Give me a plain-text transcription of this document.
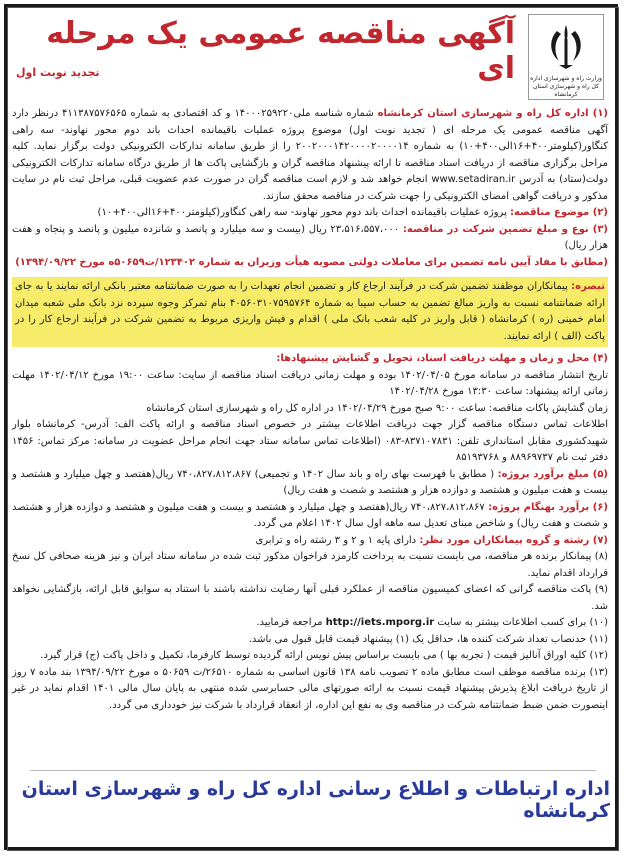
وزارت راه و شهرسازی اداره کل راه و شهرسازی استان کرمانشاه
آگهی مناقصه عمومی یک مرحله ای
تجدید نوبت اول

(۱) اداره کل راه و شهرسازی استان کرمانشاه شماره شناسه ملی۱۴۰۰۰۲۵۹۲۲۰ و کد اقتصادی به شماره ۴۱۱۳۸۷۵۷۶۵۶۵ درنظر دارد آگهی مناقصه عمومی یک مرحله ای ( تجدید نوبت اول) موضوع پروژه عملیات باقیمانده احداث باند دوم محور نهاوند- سه راهی کنگاور(کیلومتر۴۰۰+۱۶الی۴۰۰+۱۰) به شماره ۲۰۰۲۰۰۰۱۴۲۰۰۰۰۲۰۰۰۰۱۴ را از طریق سامانه تدارکات الکترونیکی دولت برگزار نماید. کلیه مراحل برگزاری مناقصه از دریافت اسناد مناقصه تا ارائه پیشنهاد مناقصه گران و بازگشایی پاکت ها از طریق درگاه سامانه تدارکات الکترونیکی دولت(ستاد) به آدرس www.setadiran.ir انجام خواهد شد و لازم است مناقصه گران در صورت عدم عضویت قبلی، مراحل ثبت نام در سایت مذکور و دریافت گواهی امضای الکترونیکی را جهت شرکت در مناقصه محقق سازند.

(۲) موضوع مناقصه: پروژه عملیات باقیمانده احداث باند دوم محور نهاوند- سه راهی کنگاور(کیلومتر۴۰۰+۱۶الی۴۰۰+۱۰)

(۳) نوع و مبلغ تضمین شرکت در مناقصه: ۲۳،۵۱۶،۵۵۷،۰۰۰ ریال (بیست و سه میلیارد و پانصد و شانزده میلیون و پانصد و پنجاه و هفت هزار ریال)

(مطابق با مفاد آیین نامه تضمین برای معاملات دولتی مصوبه هیأت وزیران به شماره ۱۲۳۴۰۲/ت۵۰۶۵۹ه مورخ ۱۳۹۴/۰۹/۲۲)

تبصره: پیمانکاران موظفند تضمین شرکت در فرآیند ارجاع کار و تضمین انجام تعهدات را به صورت ضمانتنامه معتبر بانکی ارائه نمایند یا به جای ارائه ضمانتنامه نسبت به واریز مبالغ تضمین به حساب سیبا به شماره ۴۰۵۶۰۳۱۰۷۵۹۵۷۶۴ بنام تمرکز وجوه سپرده نزد بانک ملی شعبه میدان امام خمینی (ره ) کرمانشاه ( قابل واریز در کلیه شعب بانک ملی ) اقدام و فیش واریزی مربوط به تضمین شرکت در فرآیند ارجاع کار را در پاکت (الف ) ارائه نمایند.

(۴) محل و زمان و مهلت دریافت اسناد، تحویل و گشایش پیشنهادها:

تاریخ انتشار مناقصه در سامانه مورخ ۱۴۰۲/۰۴/۰۵ بوده و مهلت زمانی دریافت اسناد مناقصه از سایت: ساعت ۱۹:۰۰ مورخ ۱۴۰۲/۰۴/۱۲ مهلت زمانی ارائه پیشنهاد: ساعت ۱۳:۳۰ مورخ ۱۴۰۲/۰۴/۲۸

زمان گشایش پاکات مناقصه: ساعت ۹:۰۰ صبح مورخ ۱۴۰۲/۰۴/۲۹ در اداره کل راه و شهرسازی استان کرمانشاه

اطلاعات تماس دستگاه مناقصه گزار جهت دریافت اطلاعات بیشتر در خصوص اسناد مناقصه و ارائه پاکت الف: آدرس- کرمانشاه بلوار شهیدکشوری مقابل استانداری تلفن: ۸۳۷۱۰۷۸۳۱-۰۸۳ (اطلاعات تماس سامانه ستاد جهت انجام مراحل عضویت در سامانه: مرکز تماس: ۱۴۵۶ دفتر ثبت نام ۸۸۹۶۹۷۳۷ و ۸۵۱۹۳۷۶۸

(۵) مبلغ برآورد پروژه: ( مطابق با فهرست بهای راه و باند سال ۱۴۰۲ و تجمیعی) ۷۴۰،۸۲۷،۸۱۲،۸۶۷ ریال(هفتصد و چهل میلیارد و هشتصد و بیست و هفت میلیون و هشتصد و دوازده هزار و هشتصد و شصت و هفت ریال)

(۶) برآورد بهنگام پروژه: ۷۴۰،۸۲۷،۸۱۲،۸۶۷ ریال(هفتصد و چهل میلیارد و هشتصد و بیست و هفت میلیون و هشتصد و دوازده هزار و هشتصد و شصت و هفت ریال) و شاخص مبنای تعدیل سه ماهه اول سال ۱۴۰۲ اعلام می گردد.

(۷) رشته و گروه پیمانکاران مورد نظر: دارای پایه ۱ و ۲ و ۳ رشته راه و ترابری

(۸) پیمانکار برنده هر مناقصه، می بایست نسبت به پرداخت کارمزد فراخوان مذکور ثبت شده در سامانه ستاد ایران و نیز هزینه صحافی کل نسخ قرارداد اقدام نماید.

(۹) پاکت مناقصه گرانی که اعضای کمیسیون مناقصه از عملکرد قبلی آنها رضایت نداشته باشند با استناد به سوابق قابل ارائه، بازگشایی نخواهد شد.

(۱۰) برای کسب اطلاعات بیشتر به سایت http://iets.mporg.ir مراجعه فرمایید.

(۱۱) حدنصاب تعداد شرکت کننده ها، حداقل یک (۱) پیشنهاد قیمت قابل قبول می باشد.

(۱۲) کلیه اوراق آنالیز قیمت ( تجربه بها ) می بایست براساس پیش نویس ارائه گردیده توسط کارفرما، تکمیل و داخل پاکت (ج) قرار گیرد.

(۱۳) برنده مناقصه موظف است مطابق ماده ۲ تصویب نامه ۱۳۸ قانون اساسی به شماره ۲۶۵۱۰/ت ۵۰۶۵۹ ه مورخ ۱۳۹۴/۰۹/۲۲ بند ماده ۷ روز از تاریخ دریافت ابلاغ پذیرش پیشنهاد قیمت نسبت به ارائه صورتهای مالی حسابرسی شده منتهی به پایان سال مالی ۱۴۰۱ اقدام نماید در غیر اینصورت ضمن ضبط ضمانتنامه شرکت در مناقصه وی به نفع این اداره، از انعقاد قرارداد با شرکت نیز خودداری می گردد.

اداره ارتباطات و اطلاع رسانی اداره کل راه و شهرسازی استان کرمانشاه
